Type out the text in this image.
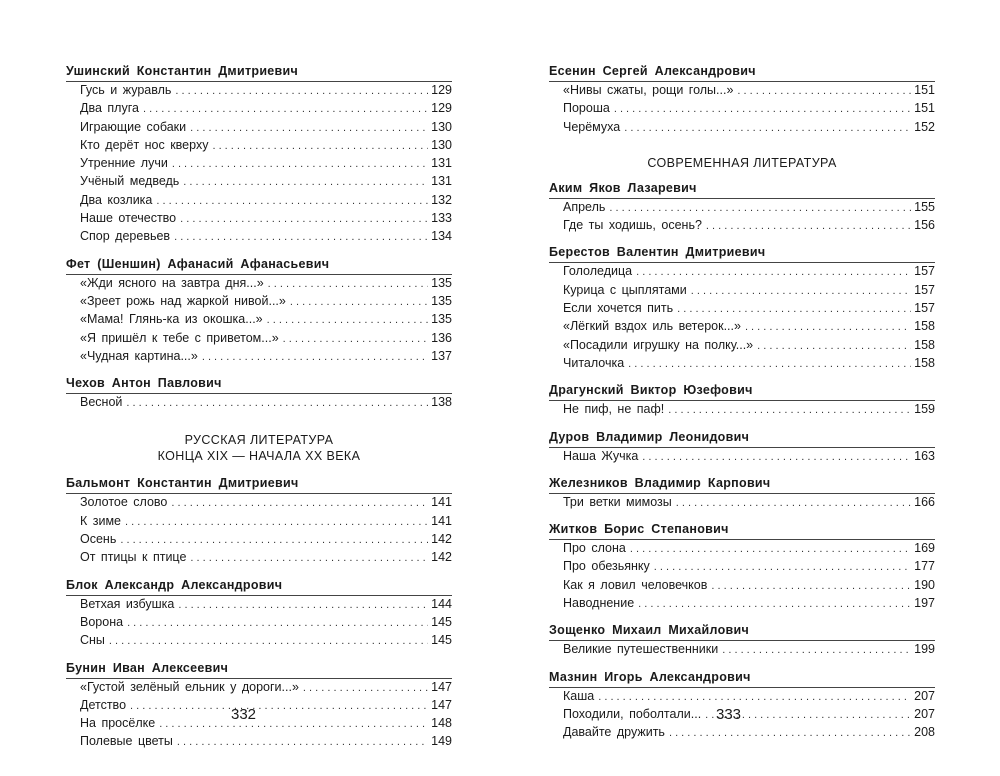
Ушинский Константин Дмитриевич
Гусь и журавль . . .	129
Два плуга . . .	129
Играющие собаки . . .	130
Кто дерёт нос кверху . . .	130
Утренние лучи . . .	131
Учёный медведь . . .	131
Два козлика . . .	132
Наше отечество . . .	133
Спор деревьев . . .	134
Фет (Шеншин) Афанасий Афанасьевич
«Жди ясного на завтра дня...» . . .	135
«Зреет рожь над жаркой нивой...» . . .	135
«Мама! Глянь-ка из окошка...» . . .	135
«Я пришёл к тебе с приветом...» . . .	136
«Чудная картина...» . . .	137
Чехов Антон Павлович
Весной . . .	138
РУССКАЯ ЛИТЕРАТУРА
КОНЦА XIX — НАЧАЛА XX ВЕКА
Бальмонт Константин Дмитриевич
Золотое слово . . .	141
К зиме . . .	141
Осень . . .	142
От птицы к птице . . .	142
Блок Александр Александрович
Ветхая избушка . . .	144
Ворона . . .	145
Сны . . .	145
Бунин Иван Алексеевич
«Густой зелёный ельник у дороги...» . . .	147
Детство . . .	147
На просёлке . . .	148
Полевые цветы . . .	149
Есенин Сергей Александрович
«Нивы сжаты, рощи голы...» . . .	151
Пороша . . .	151
Черёмуха . . .	152
СОВРЕМЕННАЯ ЛИТЕРАТУРА
Аким Яков Лазаревич
Апрель . . .	155
Где ты ходишь, осень? . . .	156
Берестов Валентин Дмитриевич
Гололедица . . .	157
Курица с цыплятами . . .	157
Если хочется пить . . .	157
«Лёгкий вздох иль ветерок...» . . .	158
«Посадили игрушку на полку...» . . .	158
Читалочка . . .	158
Драгунский Виктор Юзефович
Не пиф, не паф! . . .	159
Дуров Владимир Леонидович
Наша Жучка . . .	163
Железников Владимир Карпович
Три ветки мимозы . . .	166
Житков Борис Степанович
Про слона . . .	169
Про обезьянку . . .	177
Как я ловил человечков . . .	190
Наводнение . . .	197
Зощенко Михаил Михайлович
Великие путешественники . . .	199
Мазнин Игорь Александрович
Каша . . .	207
Походили, поболтали... . . .	207
Давайте дружить . . .	208
332	333
